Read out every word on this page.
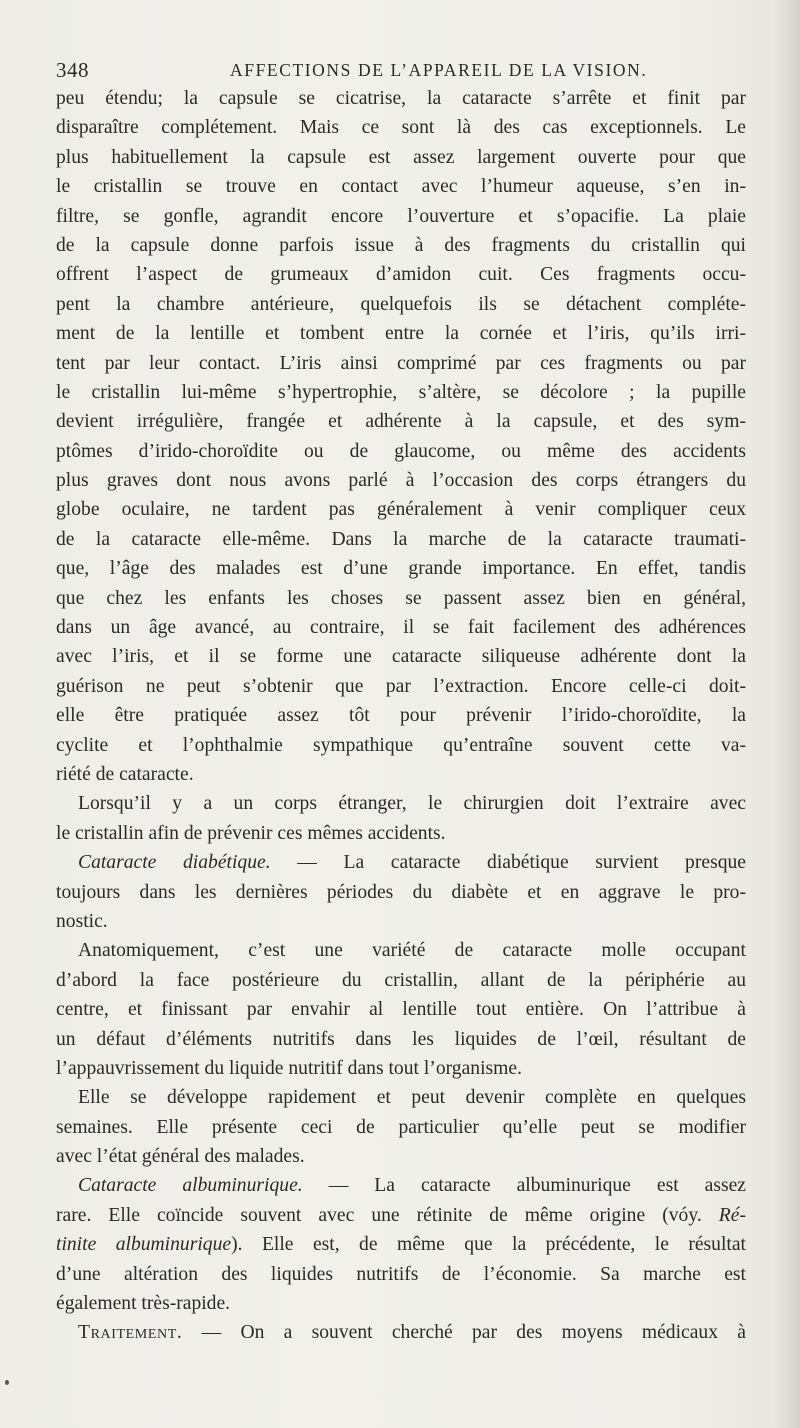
348	AFFECTIONS DE L’APPAREIL DE LA VISION.
peu étendu; la capsule se cicatrise, la cataracte s’arrête et finit par
disparaître complétement. Mais ce sont là des cas exceptionnels. Le
plus habituellement la capsule est assez largement ouverte pour que
le cristallin se trouve en contact avec l’humeur aqueuse, s’en in-
filtre, se gonfle, agrandit encore l’ouverture et s’opacifie. La plaie
de la capsule donne parfois issue à des fragments du cristallin qui
offrent l’aspect de grumeaux d’amidon cuit. Ces fragments occu-
pent la chambre antérieure, quelquefois ils se détachent compléte-
ment de la lentille et tombent entre la cornée et l’iris, qu’ils irri-
tent par leur contact. L’iris ainsi comprimé par ces fragments ou par
le cristallin lui-même s’hypertrophie, s’altère, se décolore ; la pupille
devient irrégulière, frangée et adhérente à la capsule, et des sym-
ptômes d’irido-choroïdite ou de glaucome, ou même des accidents
plus graves dont nous avons parlé à l’occasion des corps étrangers du
globe oculaire, ne tardent pas généralement à venir compliquer ceux
de la cataracte elle-même. Dans la marche de la cataracte traumati-
que, l’âge des malades est d’une grande importance. En effet, tandis
que chez les enfants les choses se passent assez bien en général,
dans un âge avancé, au contraire, il se fait facilement des adhérences
avec l’iris, et il se forme une cataracte siliqueuse adhérente dont la
guérison ne peut s’obtenir que par l’extraction. Encore celle-ci doit-
elle être pratiquée assez tôt pour prévenir l’irido-choroïdite, la
cyclite et l’ophthalmie sympathique qu’entraîne souvent cette va-
riété de cataracte.
Lorsqu’il y a un corps étranger, le chirurgien doit l’extraire avec
le cristallin afin de prévenir ces mêmes accidents.
Cataracte diabétique. — La cataracte diabétique survient presque
toujours dans les dernières périodes du diabète et en aggrave le pro-
nostic.
Anatomiquement, c’est une variété de cataracte molle occupant
d’abord la face postérieure du cristallin, allant de la périphérie au
centre, et finissant par envahir al lentille tout entière. On l’attribue à
un défaut d’éléments nutritifs dans les liquides de l’œil, résultant de
l’appauvrissement du liquide nutritif dans tout l’organisme.
Elle se développe rapidement et peut devenir complète en quelques
semaines. Elle présente ceci de particulier qu’elle peut se modifier
avec l’état général des malades.
Cataracte albuminurique. — La cataracte albuminurique est assez
rare. Elle coïncide souvent avec une rétinite de même origine (vóy. Ré-
tinite albuminurique). Elle est, de même que la précédente, le résultat
d’une altération des liquides nutritifs de l’économie. Sa marche est
également très-rapide.
Traitement. — On a souvent cherché par des moyens médicaux à
